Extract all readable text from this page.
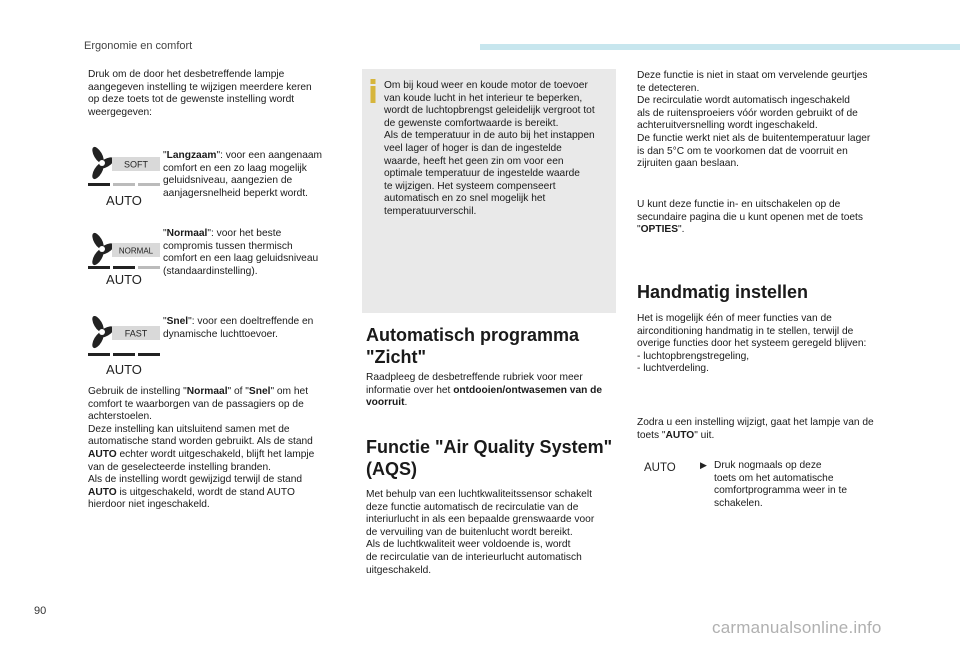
Ergonomie en comfort

Druk om de door het desbetreffende lampje
aangegeven instelling te wijzigen meerdere keren
op deze toets tot de gewenste instelling wordt
weergegeven:

SOFT
AUTO

"Langzaam": voor een aangenaam
comfort en een zo laag mogelijk
geluidsniveau, aangezien de
aanjagersnelheid beperkt wordt.

NORMAL
AUTO

"Normaal": voor het beste
compromis tussen thermisch
comfort en een laag geluidsniveau
(standaardinstelling).

FAST
AUTO

"Snel": voor een doeltreffende en
dynamische luchttoevoer.

Gebruik de instelling "Normaal" of "Snel" om het
comfort te waarborgen van de passagiers op de
achterstoelen.
Deze instelling kan uitsluitend samen met de
automatische stand worden gebruikt. Als de stand
AUTO echter wordt uitgeschakeld, blijft het lampje
van de geselecteerde instelling branden.
Als de instelling wordt gewijzigd terwijl de stand
AUTO is uitgeschakeld, wordt de stand AUTO
hierdoor niet ingeschakeld.

Om bij koud weer en koude motor de toevoer
van koude lucht in het interieur te beperken,
wordt de luchtopbrengst geleidelijk vergroot tot
de gewenste comfortwaarde is bereikt.
Als de temperatuur in de auto bij het instappen
veel lager of hoger is dan de ingestelde
waarde, heeft het geen zin om voor een
optimale temperatuur de ingestelde waarde
te wijzigen. Het systeem compenseert
automatisch en zo snel mogelijk het
temperatuurverschil.

Automatisch programma
"Zicht"

Raadpleeg de desbetreffende rubriek voor meer
informatie over het ontdooien/ontwasemen van de
voorruit.

Functie "Air Quality System"
(AQS)

Met behulp van een luchtkwaliteitssensor schakelt
deze functie automatisch de recirculatie van de
interiurlucht in als een bepaalde grenswaarde voor
de vervuiling van de buitenlucht wordt bereikt.
Als de luchtkwaliteit weer voldoende is, wordt
de recirculatie van de interieurlucht automatisch
uitgeschakeld.

Deze functie is niet in staat om vervelende geurtjes
te detecteren.
De recirculatie wordt automatisch ingeschakeld
als de ruitensproeiers vóór worden gebruikt of de
achteruitversnelling wordt ingeschakeld.
De functie werkt niet als de buitentemperatuur lager
is dan 5°C om te voorkomen dat de voorruit en
zijruiten gaan beslaan.

U kunt deze functie in- en uitschakelen op de
secundaire pagina die u kunt openen met de toets
"OPTIES".

Handmatig instellen

Het is mogelijk één of meer functies van de
airconditioning handmatig in te stellen, terwijl de
overige functies door het systeem geregeld blijven:
- luchtopbrengstregeling,
- luchtverdeling.

Zodra u een instelling wijzigt, gaat het lampje van de
toets "AUTO" uit.

AUTO	▶ Druk nogmaals op deze
toets om het automatische
comfortprogramma weer in te
schakelen.

90
carmanualsonline.info
